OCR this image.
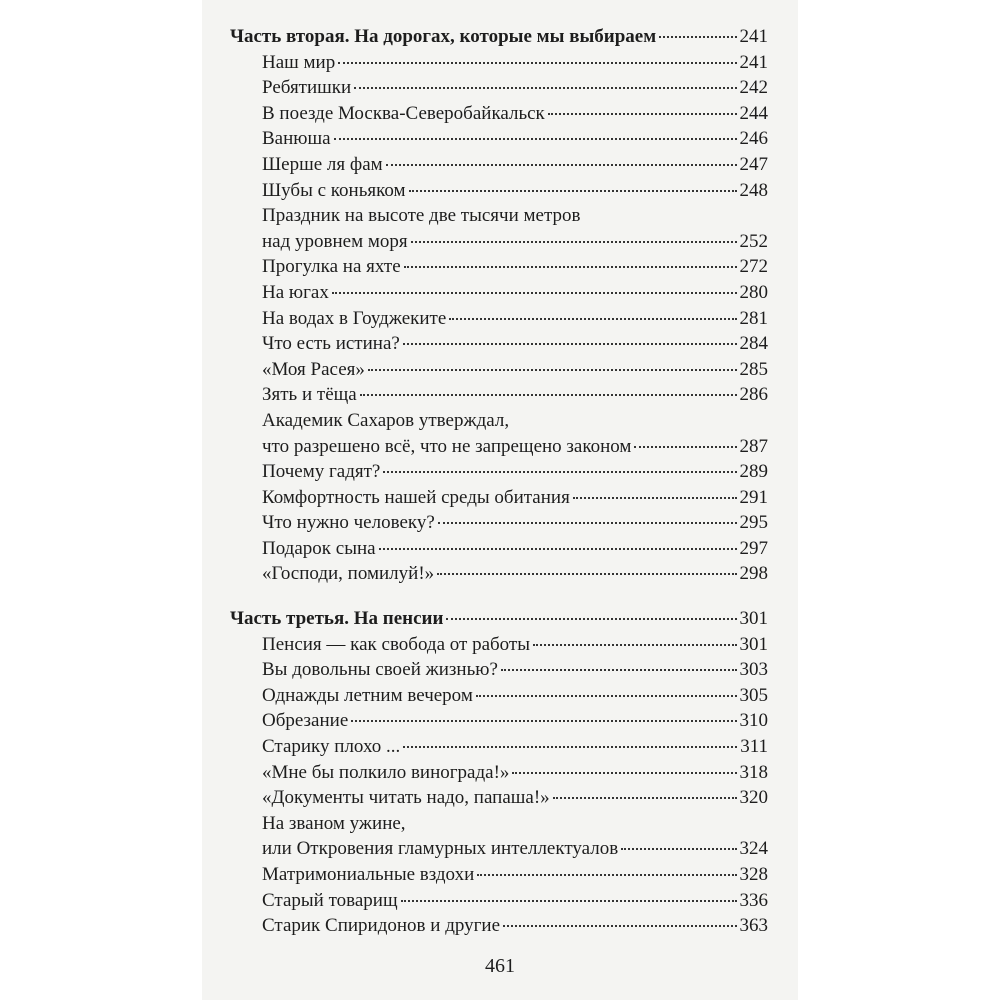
Часть вторая. На дорогах, которые мы выбираем	241
Наш мир	241
Ребятишки	242
В поезде Москва-Северобайкальск	244
Ванюша	246
Шерше ля фам	247
Шубы с коньяком	248
Праздник на высоте две тысячи метров
над уровнем моря	252
Прогулка на яхте	272
На югах	280
На водах в Гоуджеките	281
Что есть истина?	284
«Моя Расея»	285
Зять и тёща	286
Академик Сахаров утверждал,
что разрешено всё, что не запрещено законом	287
Почему гадят?	289
Комфортность нашей среды обитания	291
Что нужно человеку?	295
Подарок сына	297
«Господи, помилуй!»	298
Часть третья. На пенсии	301
Пенсия — как свобода от работы	301
Вы довольны своей жизнью?	303
Однажды летним вечером	305
Обрезание	310
Старику плохо ...	311
«Мне бы полкило винограда!»	318
«Документы читать надо, папаша!»	320
На званом ужине,
или Откровения гламурных интеллектуалов	324
Матримониальные вздохи	328
Старый товарищ	336
Старик Спиридонов и другие	363
461
